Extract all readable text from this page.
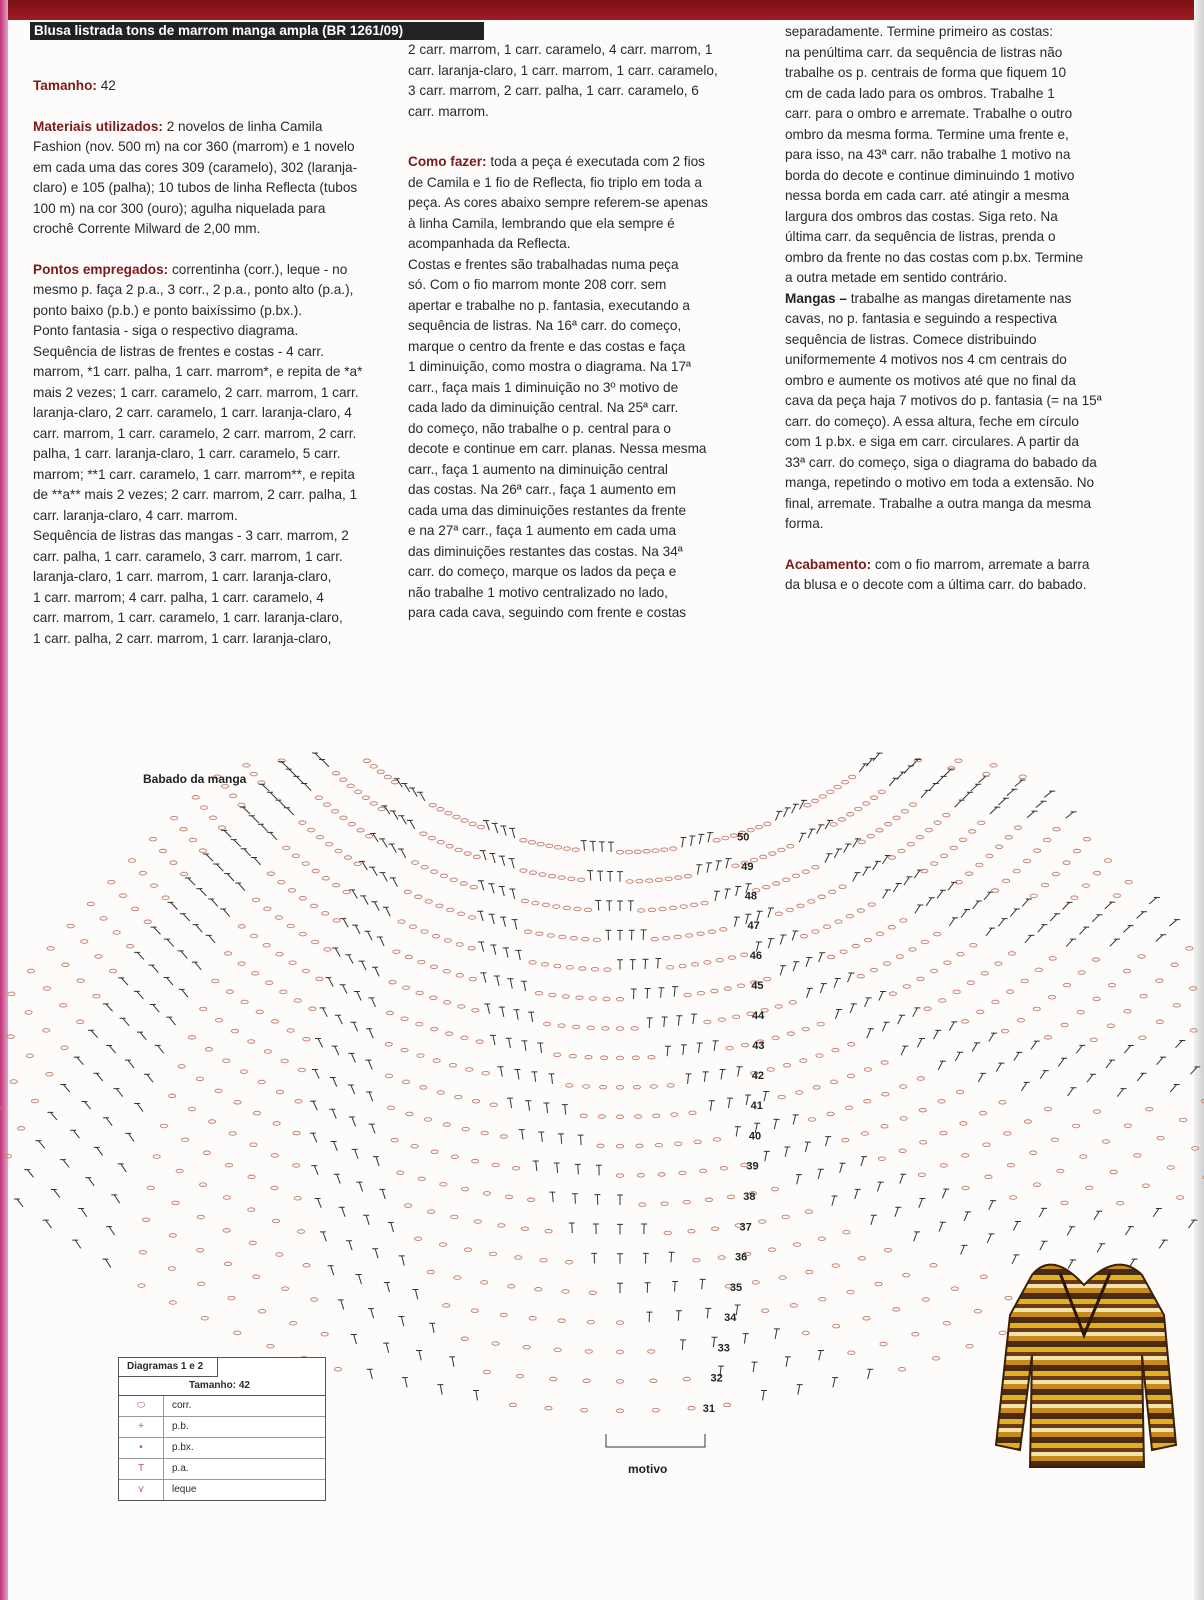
Blusa listrada tons de marrom manga ampla (BR 1261/09)

Tamanho: 42

Materiais utilizados: 2 novelos de linha Camila

Fashion (nov. 500 m) na cor 360 (marrom) e 1 novelo

em cada uma das cores 309 (caramelo), 302 (laranja-

claro) e 105 (palha); 10 tubos de linha Reflecta (tubos

100 m) na cor 300 (ouro); agulha niquelada para

crochê Corrente Milward de 2,00 mm.

Pontos empregados: correntinha (corr.), leque - no

mesmo p. faça 2 p.a., 3 corr., 2 p.a., ponto alto (p.a.),

ponto baixo (p.b.) e ponto baixíssimo (p.bx.).

Ponto fantasia - siga o respectivo diagrama.

Sequência de listras de frentes e costas - 4 carr.

marrom, *1 carr. palha, 1 carr. marrom*, e repita de *a*

mais 2 vezes; 1 carr. caramelo, 2 carr. marrom, 1 carr.

laranja-claro, 2 carr. caramelo, 1 carr. laranja-claro, 4

carr. marrom, 1 carr. caramelo, 2 carr. marrom, 2 carr.

palha, 1 carr. laranja-claro, 1 carr. caramelo, 5 carr.

marrom; **1 carr. caramelo, 1 carr. marrom**, e repita

de **a** mais 2 vezes; 2 carr. marrom, 2 carr. palha, 1

carr. laranja-claro, 4 carr. marrom.

Sequência de listras das mangas - 3 carr. marrom, 2

carr. palha, 1 carr. caramelo, 3 carr. marrom, 1 carr.

laranja-claro, 1 carr. marrom, 1 carr. laranja-claro,

1 carr. marrom; 4 carr. palha, 1 carr. caramelo, 4

carr. marrom, 1 carr. caramelo, 1 carr. laranja-claro,

1 carr. palha, 2 carr. marrom, 1 carr. laranja-claro,

2 carr. marrom, 1 carr. caramelo, 4 carr. marrom, 1

carr. laranja-claro, 1 carr. marrom, 1 carr. caramelo,

3 carr. marrom, 2 carr. palha, 1 carr. caramelo, 6

carr. marrom.

Como fazer: toda a peça é executada com 2 fios

de Camila e 1 fio de Reflecta, fio triplo em toda a

peça. As cores abaixo sempre referem-se apenas

à linha Camila, lembrando que ela sempre é

acompanhada da Reflecta.

Costas e frentes são trabalhadas numa peça

só. Com o fio marrom monte 208 corr. sem

apertar e trabalhe no p. fantasia, executando a

sequência de listras. Na 16ª carr. do começo,

marque o centro da frente e das costas e faça

1 diminuição, como mostra o diagrama. Na 17ª

carr., faça mais 1 diminuição no 3º motivo de

cada lado da diminuição central. Na 25ª carr.

do começo, não trabalhe o p. central para o

decote e continue em carr. planas. Nessa mesma

carr., faça 1 aumento na diminuição central

das costas. Na 26ª carr., faça 1 aumento em

cada uma das diminuições restantes da frente

e na 27ª carr., faça 1 aumento em cada uma

das diminuições restantes das costas. Na 34ª

carr. do começo, marque os lados da peça e

não trabalhe 1 motivo centralizado no lado,

para cada cava, seguindo com frente e costas

separadamente. Termine primeiro as costas:

na penúltima carr. da sequência de listras não

trabalhe os p. centrais de forma que fiquem 10

cm de cada lado para os ombros. Trabalhe 1

carr. para o ombro e arremate. Trabalhe o outro

ombro da mesma forma. Termine uma frente e,

para isso, na 43ª carr. não trabalhe 1 motivo na

borda do decote e continue diminuindo 1 motivo

nessa borda em cada carr. até atingir a mesma

largura dos ombros das costas. Siga reto. Na

última carr. da sequência de listras, prenda o

ombro da frente no das costas com p.bx. Termine

a outra metade em sentido contrário.

Mangas – trabalhe as mangas diretamente nas

cavas, no p. fantasia e seguindo a respectiva

sequência de listras. Comece distribuindo

uniformemente 4 motivos nos 4 cm centrais do

ombro e aumente os motivos até que no final da

cava da peça haja 7 motivos do p. fantasia (= na 15ª

carr. do começo). A essa altura, feche em círculo

com 1 p.bx. e siga em carr. circulares. A partir da

33ª carr. do começo, siga o diagrama do babado da

manga, repetindo o motivo em toda a extensão. No

final, arremate. Trabalhe a outra manga da mesma

forma.

Acabamento: com o fio marrom, arremate a barra

da blusa e o decote com a última carr. do babado.

31
32
33
34
35
36
37
38
39
40
41
42
43
44
45
46
47
48
49
50
Babado da manga
motivo
Diagramas 1 e 2
Tamanho: 42
⬭	corr.
+	p.b.
•	p.bx.
T	p.a.
⋎	leque
